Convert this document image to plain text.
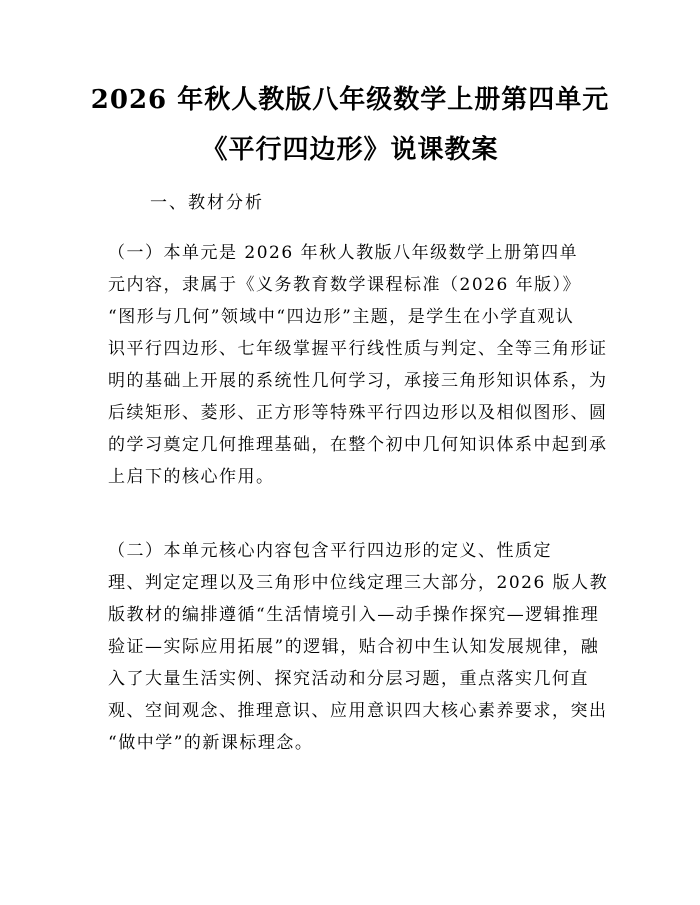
2026 年秋人教版八年级数学上册第四单元
《平行四边形》说课教案
一、教材分析

（一）本单元是 2026 年秋人教版八年级数学上册第四单
元内容，隶属于《义务教育数学课程标准（2026 年版）》
“图形与几何”领域中“四边形”主题，是学生在小学直观认
识平行四边形、七年级掌握平行线性质与判定、全等三角形证
明的基础上开展的系统性几何学习，承接三角形知识体系，为
后续矩形、菱形、正方形等特殊平行四边形以及相似图形、圆
的学习奠定几何推理基础，在整个初中几何知识体系中起到承
上启下的核心作用。

（二）本单元核心内容包含平行四边形的定义、性质定
理、判定定理以及三角形中位线定理三大部分，2026 版人教
版教材的编排遵循“生活情境引入—动手操作探究—逻辑推理
验证—实际应用拓展”的逻辑，贴合初中生认知发展规律，融
入了大量生活实例、探究活动和分层习题，重点落实几何直
观、空间观念、推理意识、应用意识四大核心素养要求，突出
“做中学”的新课标理念。
